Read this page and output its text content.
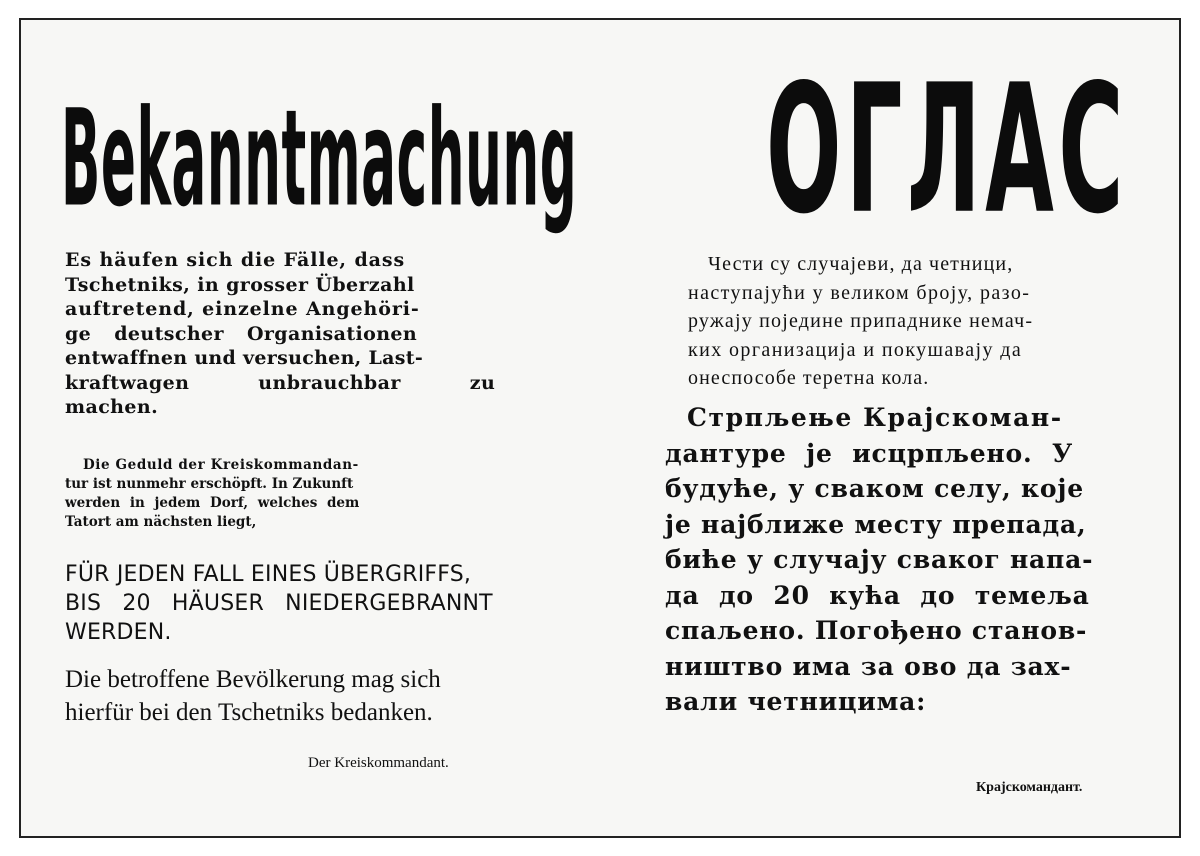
Bekanntmachung

Es häufen sich die Fälle, dass
Tschetniks, in grosser Überzahl
auftretend, einzelne Angehöri-
ge deutscher Organisationen
entwaffnen und versuchen, Last-
kraftwagen unbrauchbar zu
machen.

Die Geduld der Kreiskommandan-
tur ist nunmehr erschöpft. In Zukunft
werden in jedem Dorf, welches dem
Tatort am nächsten liegt,

FÜR JEDEN FALL EINES ÜBERGRIFFS,
BIS 20 HÄUSER NIEDERGEBRANNT
WERDEN.

Die betroffene Bevölkerung mag sich
hierfür bei den Tschetniks bedanken.

Der Kreiskommandant.
ОГЛАС

Чести су случајеви, да четници,
наступајући у великом броју, разо-
ружају поједине припаднике немач-
ких организација и покушавају да
онеспособе теретна кола.

Стрпљење Крајскоман-
дантуре је исцрпљено. У
будуће, у сваком селу, које
је најближе месту препада,
биће у случају сваког напа-
да до 20 кућа до темеља
спаљено. Погођено станов-
ништво има за ово да зах-
вали четницима:

Крајскомандант.
